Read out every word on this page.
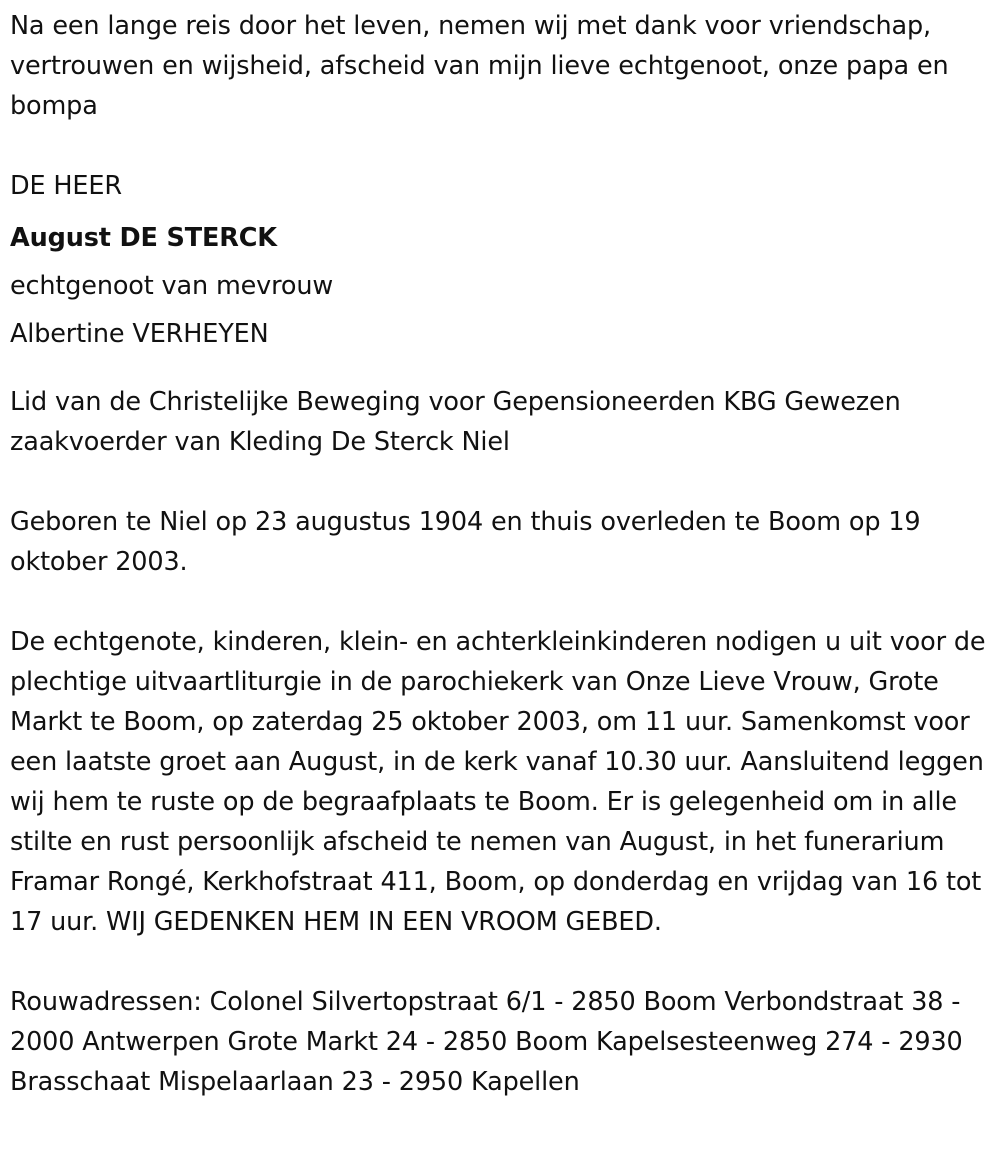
Na een lange reis door het leven, nemen wij met dank voor vriendschap, vertrouwen en wijsheid, afscheid van mijn lieve echtgenoot, onze papa en bompa

DE HEER
August DE STERCK
echtgenoot van mevrouw
Albertine VERHEYEN

Lid van de Christelijke Beweging voor Gepensioneerden KBG Gewezen zaakvoerder van Kleding De Sterck Niel

Geboren te Niel op 23 augustus 1904 en thuis overleden te Boom op 19 oktober 2003.

De echtgenote, kinderen, klein- en achterkleinkinderen nodigen u uit voor de plechtige uitvaartliturgie in de parochiekerk van Onze Lieve Vrouw, Grote Markt te Boom, op zaterdag 25 oktober 2003, om 11 uur. Samenkomst voor een laatste groet aan August, in de kerk vanaf 10.30 uur. Aansluitend leggen wij hem te ruste op de begraafplaats te Boom. Er is gelegenheid om in alle stilte en rust persoonlijk afscheid te nemen van August, in het funerarium Framar Rongé, Kerkhofstraat 411, Boom, op donderdag en vrijdag van 16 tot 17 uur. WIJ GEDENKEN HEM IN EEN VROOM GEBED.

Rouwadressen: Colonel Silvertopstraat 6/1 - 2850 Boom Verbondstraat 38 - 2000 Antwerpen Grote Markt 24 - 2850 Boom Kapelsesteenweg 274 - 2930 Brasschaat Mispelaarlaan 23 - 2950 Kapellen
